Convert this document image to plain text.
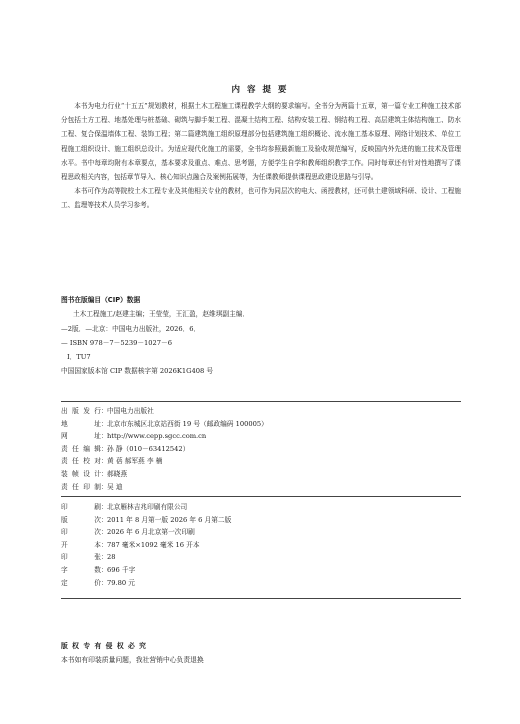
内 容 提 要

本书为电力行业“十五五”规划教材，根据土木工程施工课程教学大纲的要求编写。全书分为两篇十五章，第一篇专业工种施工技术部分包括土方工程、地基处理与桩基础、砌筑与脚手架工程、混凝土结构工程、结构安装工程、钢结构工程、高层建筑主体结构施工、防水工程、复合保温墙体工程、装饰工程；第二篇建筑施工组织原理部分包括建筑施工组织概论、流水施工基本原理、网络计划技术、单位工程施工组织设计、施工组织总设计。为适应现代化施工的需要，全书均参照最新施工及验收规范编写，反映国内外先进的施工技术及管理水平。书中每章均附有本章要点，基本要求及重点、难点、思考题，方便学生自学和教师组织教学工作。同时每章还有针对性地撰写了课程思政相关内容，包括章节导入、核心知识点融合及案例拓展等，为任课教师提供课程思政建设思路与引导。

本书可作为高等院校土木工程专业及其他相关专业的教材，也可作为同层次的电大、函授教材，还可供土建领域科研、设计、工程施工、监理等技术人员学习参考。

图书在版编目（CIP）数据
土木工程施工/赵建主编；王莹莹，王汇盈，赵维琪副主编．
—2版．—北京：中国电力出版社，2026．6．
— ISBN 978－7－5239－1027－6
Ⅰ．TU7
中国国家版本馆 CIP 数据核字第 2026K1G408 号
出版发行 ： 中国电力出版社
地址 ： 北京市东城区北京站西街 19 号（邮政编码 100005）
网址 ： http://www.cepp.sgcc.com.cn
责任编辑 ： 孙 静（010－63412542）
责任校对 ： 黄 蓓 郝军燕 李 楠
装帧设计 ： 郝晓燕
责任印制 ： 吴 迪
印刷 ： 北京雁林吉兆印刷有限公司
版次 ： 2011 年 8 月第一版 2026 年 6 月第二版
印次 ： 2026 年 6 月北京第一次印刷
开本 ： 787 毫米×1092 毫米 16 开本
印张 ： 28
字数 ： 696 千字
定价 ： 79.80 元
版 权 专 有 侵 权 必 究
本书如有印装质量问题，我社营销中心负责退换
